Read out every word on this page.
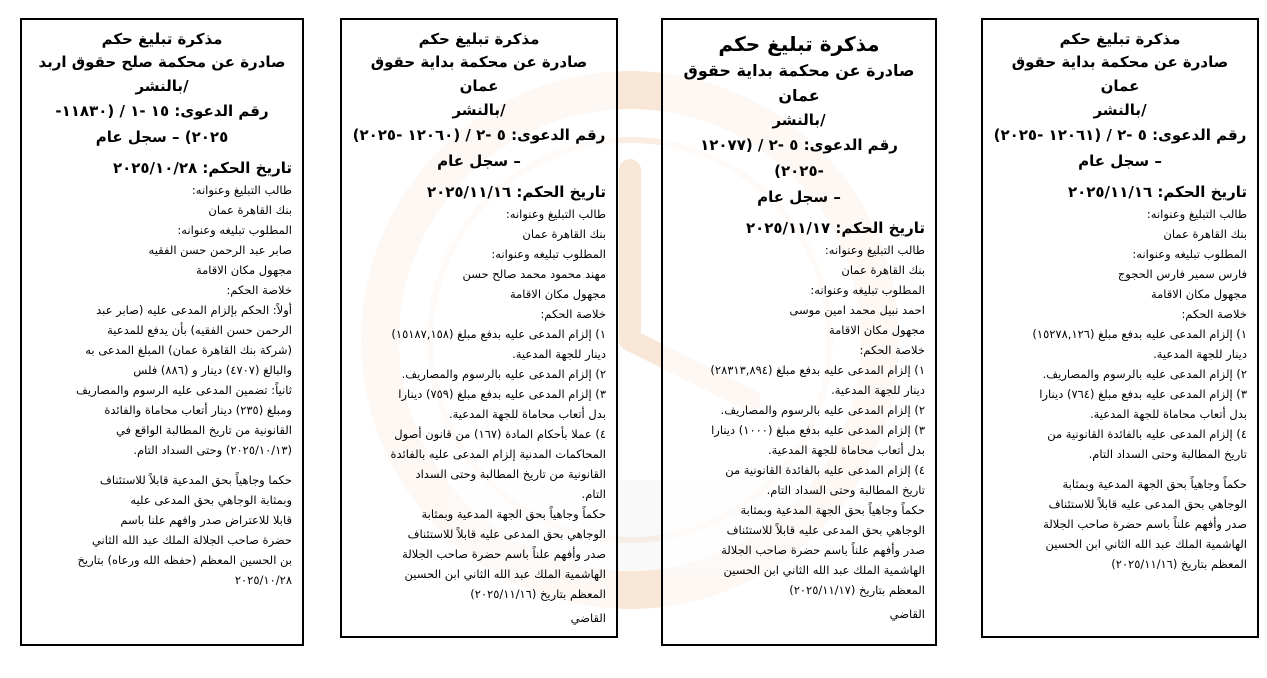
مذكرة تبليغ حكم
صادرة عن محكمة بداية حقوق عمان
/بالنشر
رقم الدعوى: ٥ -٢ / (١٢٠٦١ -٢٠٢٥)
– سجل عام
تاريخ الحكم: ٢٠٢٥/١١/١٦
طالب التبليغ وعنوانه:
بنك القاهرة عمان
المطلوب تبليغه وعنوانه:
فارس سمير فارس الحجوج
مجهول مكان الاقامة
خلاصة الحكم:
١) إلزام المدعى عليه بدفع مبلغ (١٥٢٧٨,١٢٦)
دينار للجهة المدعية.
٢) إلزام المدعى عليه بالرسوم والمصاريف.
٣) إلزام المدعى عليه بدفع مبلغ (٧٦٤) دينارا
بدل أتعاب محاماة للجهة المدعية.
٤) إلزام المدعى عليه بالفائدة القانونية من
تاريخ المطالبة وحتى السداد التام.
حكماً وجاهياً بحق الجهة المدعية وبمثابة
الوجاهي بحق المدعى عليه قابلاً للاستئناف
صدر وأفهم علناً باسم حضرة صاحب الجلالة
الهاشمية الملك عبد الله الثاني ابن الحسين
المعظم بتاريخ (٢٠٢٥/١١/١٦)
مذكرة تبليغ حكم
صادرة عن محكمة بداية حقوق عمان
/بالنشر
رقم الدعوى: ٥ -٢ / (١٢٠٧٧ -٢٠٢٥)
– سجل عام
تاريخ الحكم: ٢٠٢٥/١١/١٧
طالب التبليغ وعنوانه:
بنك القاهرة عمان
المطلوب تبليغه وعنوانه:
احمد نبيل محمد امين موسى
مجهول مكان الاقامة
خلاصة الحكم:
١) إلزام المدعى عليه بدفع مبلغ (٢٨٣١٣,٨٩٤)
دينار للجهة المدعية.
٢) إلزام المدعى عليه بالرسوم والمصاريف.
٣) إلزام المدعى عليه بدفع مبلغ (١٠٠٠) دينارا
بدل أتعاب محاماة للجهة المدعية.
٤) إلزام المدعى عليه بالفائدة القانونية من
تاريخ المطالبة وحتى السداد التام.
حكماً وجاهياً بحق الجهة المدعية وبمثابة
الوجاهي بحق المدعى عليه قابلاً للاستئناف
صدر وأفهم علناً باسم حضرة صاحب الجلالة
الهاشمية الملك عبد الله الثاني ابن الحسين
المعظم بتاريخ (٢٠٢٥/١١/١٧)
القاضي
مذكرة تبليغ حكم
صادرة عن محكمة بداية حقوق عمان
/بالنشر
رقم الدعوى: ٥ -٢ / (١٢٠٦٠ -٢٠٢٥)
– سجل عام
تاريخ الحكم: ٢٠٢٥/١١/١٦
طالب التبليغ وعنوانه:
بنك القاهرة عمان
المطلوب تبليغه وعنوانه:
مهند محمود محمد صالح حسن
مجهول مكان الاقامة
خلاصة الحكم:
١) إلزام المدعى عليه بدفع مبلغ (١٥١٨٧,١٥٨)
دينار للجهة المدعية.
٢) إلزام المدعى عليه بالرسوم والمصاريف.
٣) إلزام المدعى عليه بدفع مبلغ (٧٥٩) دينارا
بدل أتعاب محاماة للجهة المدعية.
٤) عملا بأحكام المادة (١٦٧) من قانون أصول
المحاكمات المدنية إلزام المدعى عليه بالفائدة
القانونية من تاريخ المطالبة وحتى السداد
التام.
حكماً وجاهياً بحق الجهة المدعية وبمثابة
الوجاهي بحق المدعى عليه قابلاً للاستئناف
صدر وأفهم علناً باسم حضرة صاحب الجلالة
الهاشمية الملك عبد الله الثاني ابن الحسين
المعظم بتاريخ (٢٠٢٥/١١/١٦)
القاضي
مذكرة تبليغ حكم
صادرة عن محكمة صلح حقوق اربد
/بالنشر
رقم الدعوى: ١٥ -١ / (١١٨٣٠-
٢٠٢٥) – سجل عام
تاريخ الحكم: ٢٠٢٥/١٠/٢٨
طالب التبليغ وعنوانه:
بنك القاهرة عمان
المطلوب تبليغه وعنوانه:
صابر عبد الرحمن حسن الفقيه
مجهول مكان الاقامة
خلاصة الحكم:
أولاً: الحكم بإلزام المدعى عليه (صابر عبد
الرحمن حسن الفقيه) بأن يدفع للمدعية
(شركة بنك القاهرة عمان) المبلغ المدعى به
والبالغ (٤٧٠٧) دينار و (٨٨٦) فلس
ثانياً: تضمين المدعى عليه الرسوم والمصاريف
ومبلغ (٢٣٥) دينار أتعاب محاماة والفائدة
القانونية من تاريخ المطالبة الواقع في
(٢٠٢٥/١٠/١٣) وحتى السداد التام.
حكما وجاهياً بحق المدعية قابلاً للاستئناف
وبمثابة الوجاهي بحق المدعى عليه
قابلا للاعتراض صدر وافهم علنا باسم
حضرة صاحب الجلالة الملك عبد الله الثاني
بن الحسين المعظم (حفظه الله ورعاه) بتاريخ
٢٠٢٥/١٠/٢٨
